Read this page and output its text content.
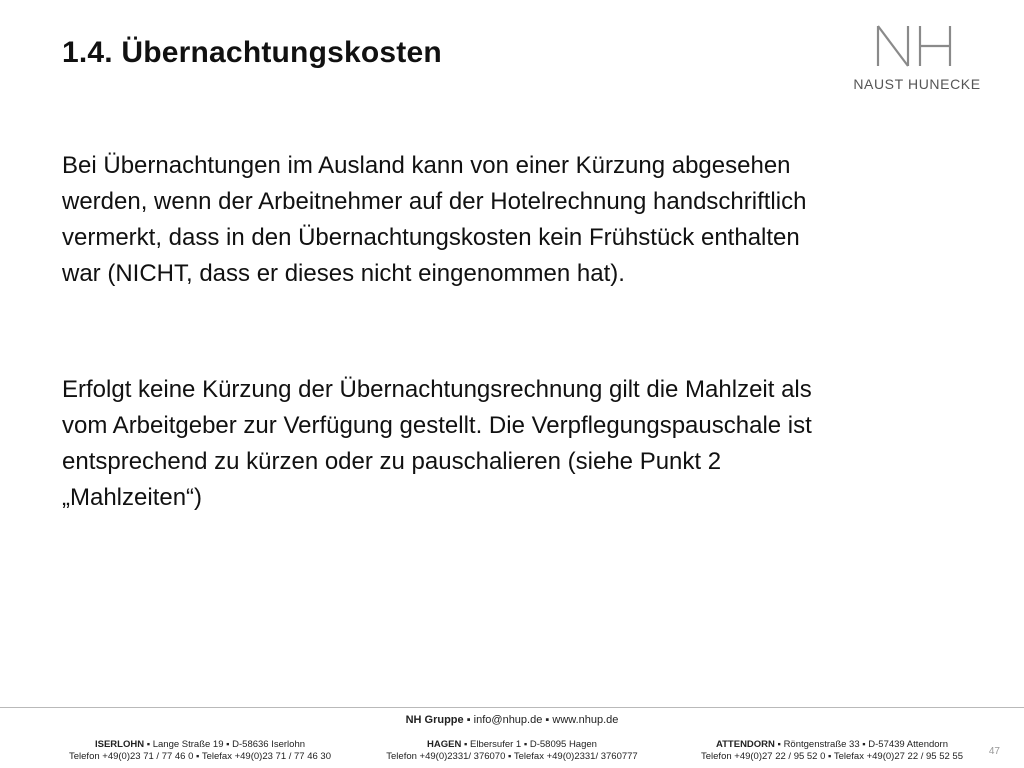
1.4. Übernachtungskosten
NAUST HUNECKE

Bei Übernachtungen im Ausland kann von einer Kürzung abgesehen
werden, wenn der Arbeitnehmer auf der Hotelrechnung handschriftlich
vermerkt, dass in den Übernachtungskosten kein Frühstück enthalten
war (NICHT, dass er dieses nicht eingenommen hat).

Erfolgt keine Kürzung der Übernachtungsrechnung gilt die Mahlzeit als
vom Arbeitgeber zur Verfügung gestellt. Die Verpflegungspauschale ist
entsprechend zu kürzen oder zu pauschalieren (siehe Punkt 2
„Mahlzeiten“)

NH Gruppe ▪ info@nhup.de ▪ www.nhup.de
ISERLOHN ▪ Lange Straße 19 ▪ D-58636 Iserlohn
Telefon +49(0)23 71 / 77 46 0 ▪ Telefax +49(0)23 71 / 77 46 30
HAGEN ▪ Elbersufer 1 ▪ D-58095 Hagen
Telefon +49(0)2331/ 376070 ▪ Telefax +49(0)2331/ 3760777
ATTENDORN ▪ Röntgenstraße 33 ▪ D-57439 Attendorn
Telefon +49(0)27 22 / 95 52 0 ▪ Telefax +49(0)27 22 / 95 52 55	47
